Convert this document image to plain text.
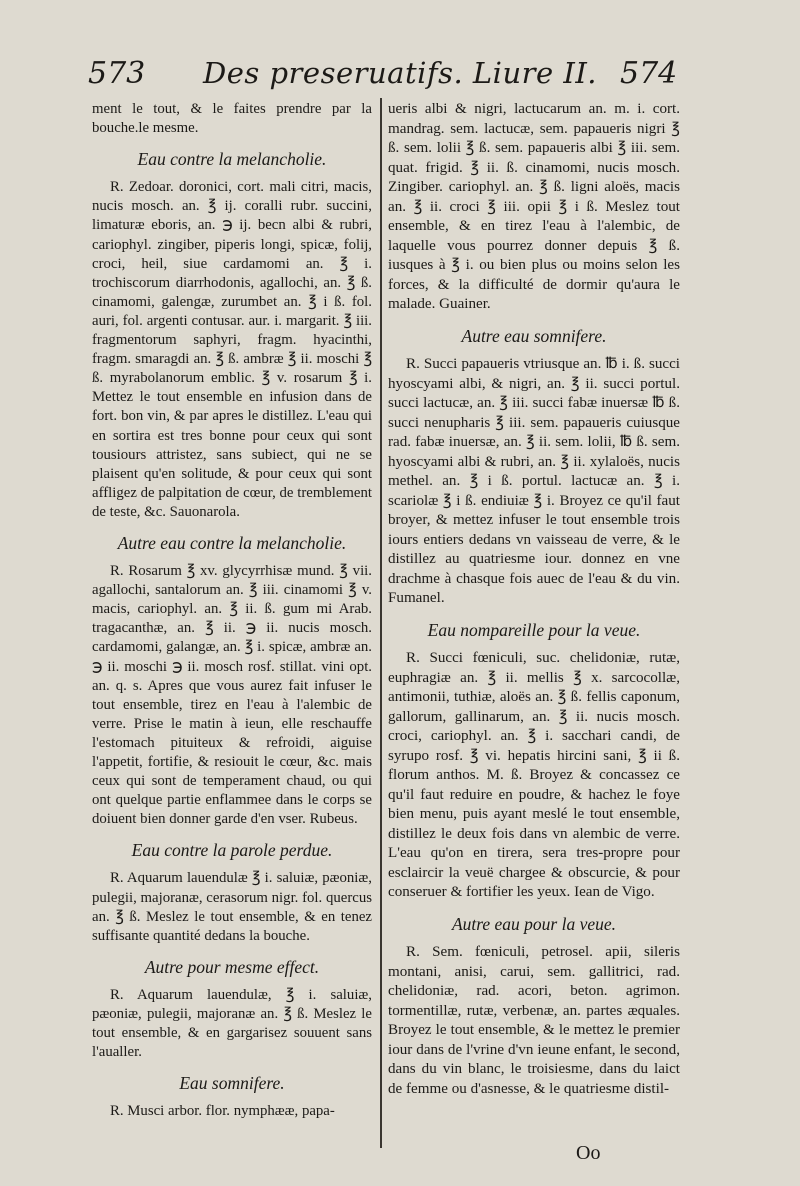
573	Des preseruatifs. Liure II. 574

ment le tout, & le faites prendre par la bouche.le mesme.

Eau contre la melancholie.

R. Zedoar. doronici, cort. mali citri, macis, nucis mosch. an. ℥ ij. coralli rubr. succini, limaturæ eboris, an. ℈ ij. becn albi & rubri, cariophyl. zingiber, piperis longi, spicæ, folij, croci, heil, siue cardamomi an. ℥ i. trochiscorum diarrhodonis, agallochi, an. ℥ ß. cinamomi, galengæ, zurumbet an. ℥ i ß. fol. auri, fol. argenti contusar. aur. i. margarit. ℥ iii. fragmentorum saphyri, fragm. hyacinthi, fragm. smaragdi an. ℥ ß. ambræ ℥ ii. moschi ℥ ß. myrabolanorum emblic. ℥ v. rosarum ℥ i. Mettez le tout ensemble en infusion dans de fort. bon vin, & par apres le distillez. L'eau qui en sortira est tres bonne pour ceux qui sont tousiours attristez, sans subiect, qui ne se plaisent qu'en solitude, & pour ceux qui sont affligez de palpitation de cœur, de tremblement de teste, &c. Sauonarola.

Autre eau contre la melancholie.

R. Rosarum ℥ xv. glycyrrhisæ mund. ℥ vii. agallochi, santalorum an. ℥ iii. cinamomi ℥ v. macis, cariophyl. an. ℥ ii. ß. gum mi Arab. tragacanthæ, an. ℥ ii. ℈ ii. nucis mosch. cardamomi, galangæ, an. ℥ i. spicæ, ambræ an. ℈ ii. moschi ℈ ii. mosch rosf. stillat. vini opt. an. q. s. Apres que vous aurez fait infuser le tout ensemble, tirez en l'eau à l'alembic de verre. Prise le matin à ieun, elle reschauffe l'estomach pituiteux & refroidi, aiguise l'appetit, fortifie, & resiouit le cœur, &c. mais ceux qui sont de temperament chaud, ou qui ont quelque partie enflammee dans le corps se doiuent bien donner garde d'en vser. Rubeus.

Eau contre la parole perdue.

R. Aquarum lauendulæ ℥ i. saluiæ, pæoniæ, pulegii, majoranæ, cerasorum nigr. fol. quercus an. ℥ ß. Meslez le tout ensemble, & en tenez suffisante quantité dedans la bouche.

Autre pour mesme effect.

R. Aquarum lauendulæ, ℥ i. saluiæ, pæoniæ, pulegii, majoranæ an. ℥ ß. Meslez le tout ensemble, & en gargarisez souuent sans l'aualler.

Eau somnifere.

R. Musci arbor. flor. nymphææ, papa-

ueris albi & nigri, lactucarum an. m. i. cort. mandrag. sem. lactucæ, sem. papaueris nigri ℥ ß. sem. lolii ℥ ß. sem. papaueris albi ℥ iii. sem. quat. frigid. ℥ ii. ß. cinamomi, nucis mosch. Zingiber. cariophyl. an. ℥ ß. ligni aloës, macis an. ℥ ii. croci ℥ iii. opii ℥ i ß. Meslez tout ensemble, & en tirez l'eau à l'alembic, de laquelle vous pourrez donner depuis ℥ ß. iusques à ℥ i. ou bien plus ou moins selon les forces, & la difficulté de dormir qu'aura le malade. Guainer.

Autre eau somnifere.

R. Succi papaueris vtriusque an. ℔ i. ß. succi hyoscyami albi, & nigri, an. ℥ ii. succi portul. succi lactucæ, an. ℥ iii. succi fabæ inuersæ ℔ ß. succi nenupharis ℥ iii. sem. papaueris cuiusque rad. fabæ inuersæ, an. ℥ ii. sem. lolii, ℔ ß. sem. hyoscyami albi & rubri, an. ℥ ii. xylaloës, nucis methel. an. ℥ i ß. portul. lactucæ an. ℥ i. scariolæ ℥ i ß. endiuiæ ℥ i. Broyez ce qu'il faut broyer, & mettez infuser le tout ensemble trois iours entiers dedans vn vaisseau de verre, & le distillez au quatriesme iour. donnez en vne drachme à chasque fois auec de l'eau & du vin. Fumanel.

Eau nompareille pour la veue.

R. Succi fœniculi, suc. chelidoniæ, rutæ, euphragiæ an. ℥ ii. mellis ℥ x. sarcocollæ, antimonii, tuthiæ, aloës an. ℥ ß. fellis caponum, gallorum, gallinarum, an. ℥ ii. nucis mosch. croci, cariophyl. an. ℥ i. sacchari candi, de syrupo rosf. ℥ vi. hepatis hircini sani, ℥ ii ß. florum anthos. M. ß. Broyez & concassez ce qu'il faut reduire en poudre, & hachez le foye bien menu, puis ayant meslé le tout ensemble, distillez le deux fois dans vn alembic de verre. L'eau qu'on en tirera, sera tres-propre pour esclaircir la veuë chargee & obscurcie, & pour conseruer & fortifier les yeux. Iean de Vigo.

Autre eau pour la veue.

R. Sem. fœniculi, petrosel. apii, sileris montani, anisi, carui, sem. gallitrici, rad. chelidoniæ, rad. acori, beton. agrimon. tormentillæ, rutæ, verbenæ, an. partes æquales. Broyez le tout ensemble, & le mettez le premier iour dans de l'vrine d'vn ieune enfant, le second, dans du vin blanc, le troisiesme, dans du laict de femme ou d'asnesse, & le quatriesme distil-

Oo
